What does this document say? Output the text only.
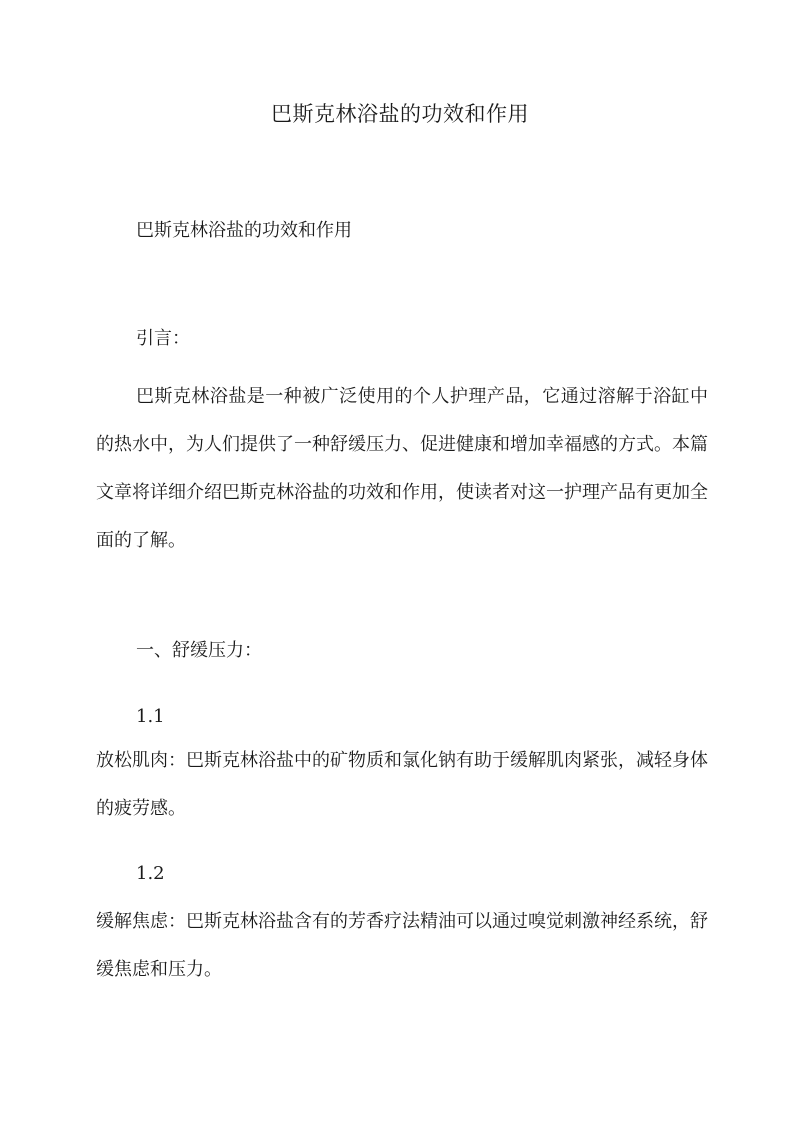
巴斯克林浴盐的功效和作用

巴斯克林浴盐的功效和作用

引言：

巴斯克林浴盐是一种被广泛使用的个人护理产品，它通过溶解于浴缸中的热水中，为人们提供了一种舒缓压力、促进健康和增加幸福感的方式。本篇文章将详细介绍巴斯克林浴盐的功效和作用，使读者对这一护理产品有更加全面的了解。

一、舒缓压力：

1.1

放松肌肉：巴斯克林浴盐中的矿物质和氯化钠有助于缓解肌肉紧张，减轻身体的疲劳感。

1.2

缓解焦虑：巴斯克林浴盐含有的芳香疗法精油可以通过嗅觉刺激神经系统，舒缓焦虑和压力。
